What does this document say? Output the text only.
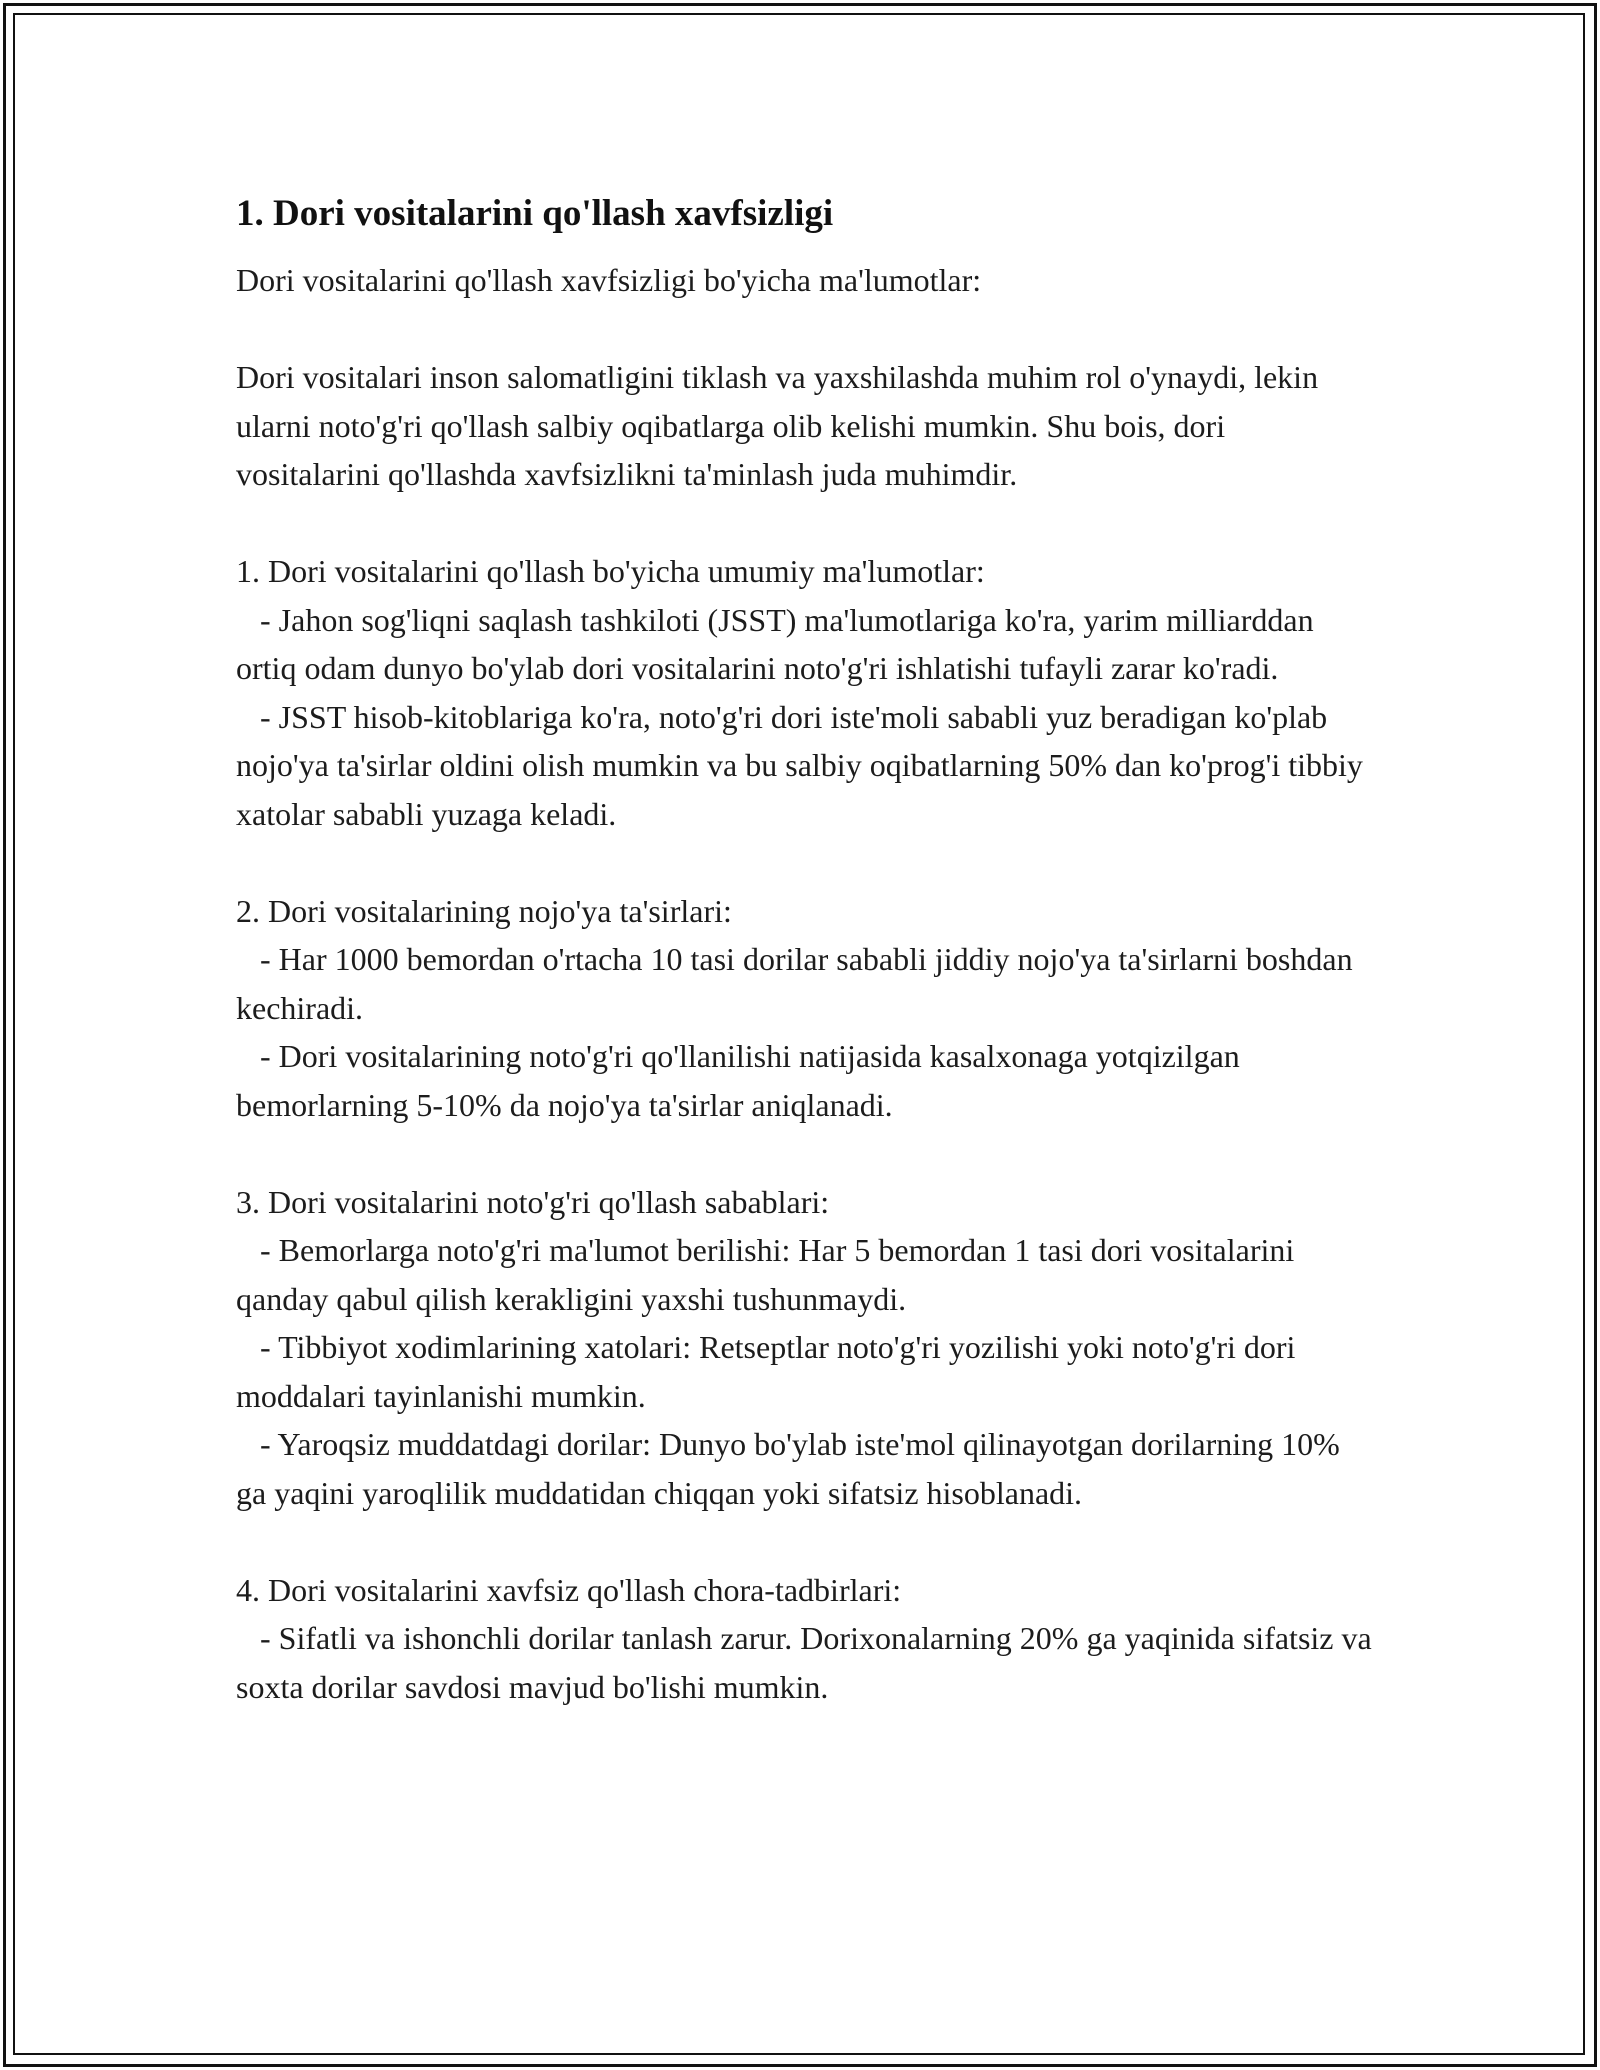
1. Dori vositalarini qo'llash xavfsizligi

Dori vositalarini qo'llash xavfsizligi bo'yicha ma'lumotlar:

Dori vositalari inson salomatligini tiklash va yaxshilashda muhim rol o'ynaydi, lekin ularni noto'g'ri qo'llash salbiy oqibatlarga olib kelishi mumkin. Shu bois, dori vositalarini qo'llashda xavfsizlikni ta'minlash juda muhimdir.

1. Dori vositalarini qo'llash bo'yicha umumiy ma'lumotlar:

- Jahon sog'liqni saqlash tashkiloti (JSST) ma'lumotlariga ko'ra, yarim milliarddan ortiq odam dunyo bo'ylab dori vositalarini noto'g'ri ishlatishi tufayli zarar ko'radi.

- JSST hisob-kitoblariga ko'ra, noto'g'ri dori iste'moli sababli yuz beradigan ko'plab nojo'ya ta'sirlar oldini olish mumkin va bu salbiy oqibatlarning 50% dan ko'prog'i tibbiy xatolar sababli yuzaga keladi.

2. Dori vositalarining nojo'ya ta'sirlari:

- Har 1000 bemordan o'rtacha 10 tasi dorilar sababli jiddiy nojo'ya ta'sirlarni boshdan kechiradi.

- Dori vositalarining noto'g'ri qo'llanilishi natijasida kasalxonaga yotqizilgan bemorlarning 5-10% da nojo'ya ta'sirlar aniqlanadi.

3. Dori vositalarini noto'g'ri qo'llash sabablari:

- Bemorlarga noto'g'ri ma'lumot berilishi: Har 5 bemordan 1 tasi dori vositalarini qanday qabul qilish kerakligini yaxshi tushunmaydi.

- Tibbiyot xodimlarining xatolari: Retseptlar noto'g'ri yozilishi yoki noto'g'ri dori moddalari tayinlanishi mumkin.

- Yaroqsiz muddatdagi dorilar: Dunyo bo'ylab iste'mol qilinayotgan dorilarning 10% ga yaqini yaroqlilik muddatidan chiqqan yoki sifatsiz hisoblanadi.

4. Dori vositalarini xavfsiz qo'llash chora-tadbirlari:

- Sifatli va ishonchli dorilar tanlash zarur. Dorixonalarning 20% ga yaqinida sifatsiz va soxta dorilar savdosi mavjud bo'lishi mumkin.
